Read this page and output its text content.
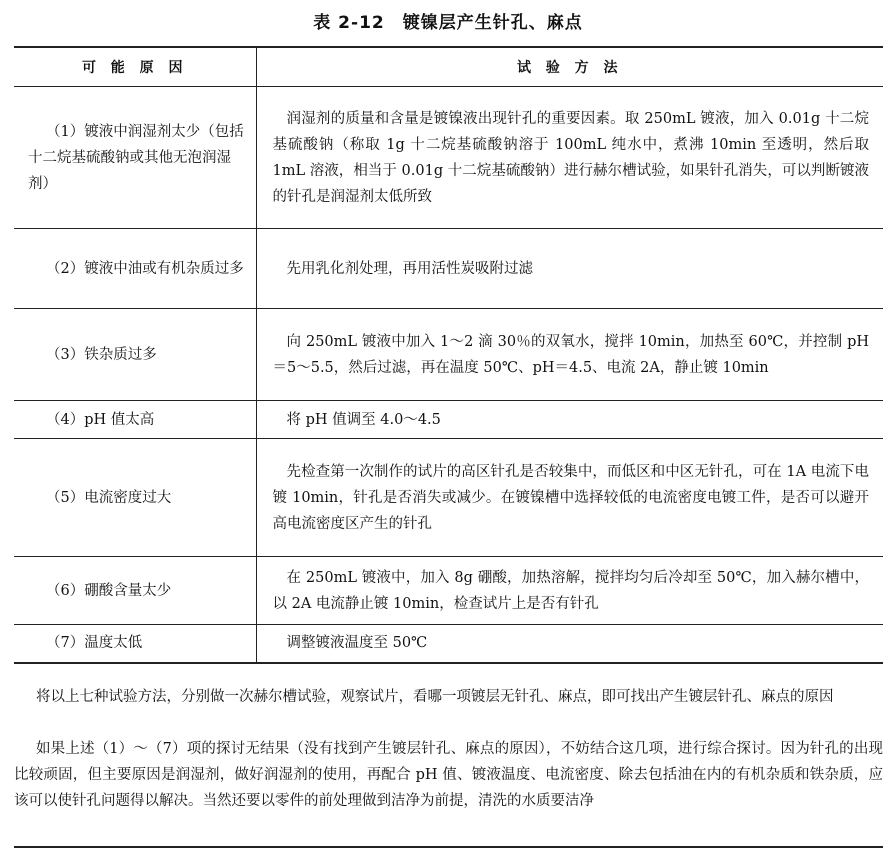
表 2-12　镀镍层产生针孔、麻点
可 能 原 因	试 验 方 法

（1）镀液中润湿剂太少（包括十二烷基硫酸钠或其他无泡润湿剂）	润湿剂的质量和含量是镀镍液出现针孔的重要因素。取 250mL 镀液，加入 0.01g 十二烷基硫酸钠（称取 1g 十二烷基硫酸钠溶于 100mL 纯水中，煮沸 10min 至透明，然后取 1mL 溶液，相当于 0.01g 十二烷基硫酸钠）进行赫尔槽试验，如果针孔消失，可以判断镀液的针孔是润湿剂太低所致

（2）镀液中油或有机杂质过多	先用乳化剂处理，再用活性炭吸附过滤

（3）铁杂质过多	向 250mL 镀液中加入 1～2 滴 30％的双氧水，搅拌 10min，加热至 60℃，并控制 pH＝5～5.5，然后过滤，再在温度 50℃、pH＝4.5、电流 2A，静止镀 10min

（4）pH 值太高	将 pH 值调至 4.0～4.5

（5）电流密度过大	先检查第一次制作的试片的高区针孔是否较集中，而低区和中区无针孔，可在 1A 电流下电镀 10min，针孔是否消失或减少。在镀镍槽中选择较低的电流密度电镀工件，是否可以避开高电流密度区产生的针孔

（6）硼酸含量太少	在 250mL 镀液中，加入 8g 硼酸，加热溶解，搅拌均匀后冷却至 50℃，加入赫尔槽中，以 2A 电流静止镀 10min，检查试片上是否有针孔

（7）温度太低	调整镀液温度至 50℃
将以上七种试验方法，分别做一次赫尔槽试验，观察试片，看哪一项镀层无针孔、麻点，即可找出产生镀层针孔、麻点的原因
如果上述（1）～（7）项的探讨无结果（没有找到产生镀层针孔、麻点的原因），不妨结合这几项，进行综合探讨。因为针孔的出现比较顽固，但主要原因是润湿剂，做好润湿剂的使用，再配合 pH 值、镀液温度、电流密度、除去包括油在内的有机杂质和铁杂质，应该可以使针孔问题得以解决。当然还要以零件的前处理做到洁净为前提，清洗的水质要洁净
